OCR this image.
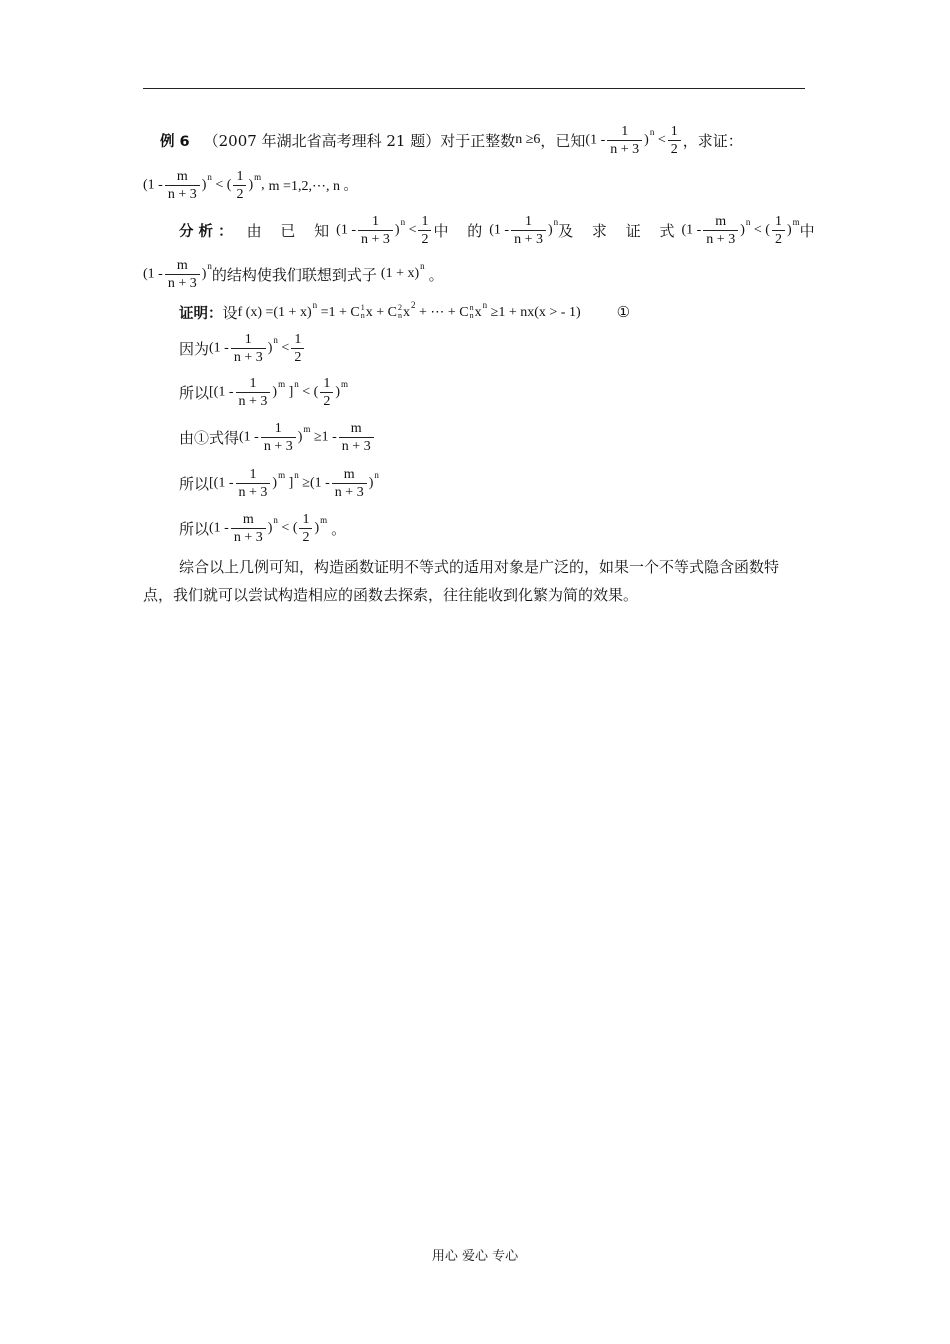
例 6 （2007 年湖北省高考理科 21 题）对于正整数 n ≥6 ，已知 $(1 - \frac{1}{n + 3} )^n < \frac{1}{2}$ ，求证：
$(1 - \frac{m}{n + 3} )^n$ < ( $\frac{1}{2} )^m$, m =1,2,⋯, n 。
分 析 ： 由 已 知 $(1 - \frac{1}{n + 3} )^n < \frac{1}{2}$ 中 的 $(1 - \frac{1}{n + 3} )^n$ 及 求 证 式 $(1 - \frac{m}{n + 3} )^n$ < ( $\frac{1}{2} )^m$ 中
$(1 - \frac{m}{n + 3} )^n$ 的结构使我们联想到式子 $(1 + x)^n$ 。
证明： 设 f $(x) =(1 + x)^n =1 + C$ 1
n x + C 2
n $x^2$ + ⋯ + C n
n $x^n \ge 1 + nx(x$ > - 1) ①
因为 $(1 - \frac{1}{n + 3} )^n < \frac{1}{2}$
所以 [$(1 - \frac{1}{n + 3} )^m$ ]$^n$ < ( $\frac{1}{2} )^m$
由①式得 $(1 - \frac{1}{n + 3} )^m \ge 1 - \frac{m}{n + 3}$
所以 [$(1 - \frac{1}{n + 3} )^m$ ]$^n \ge(1 - \frac{m}{n + 3} )^n$
所以 $(1 - \frac{m}{n + 3} )^n$ < ( $\frac{1}{2} )^m$ 。
综合以上几例可知，构造函数证明不等式的适用对象是广泛的，如果一个不等式隐含函数特点，我们就可以尝试构造相应的函数去探索，往往能收到化繁为简的效果。
用心 爱心 专心
